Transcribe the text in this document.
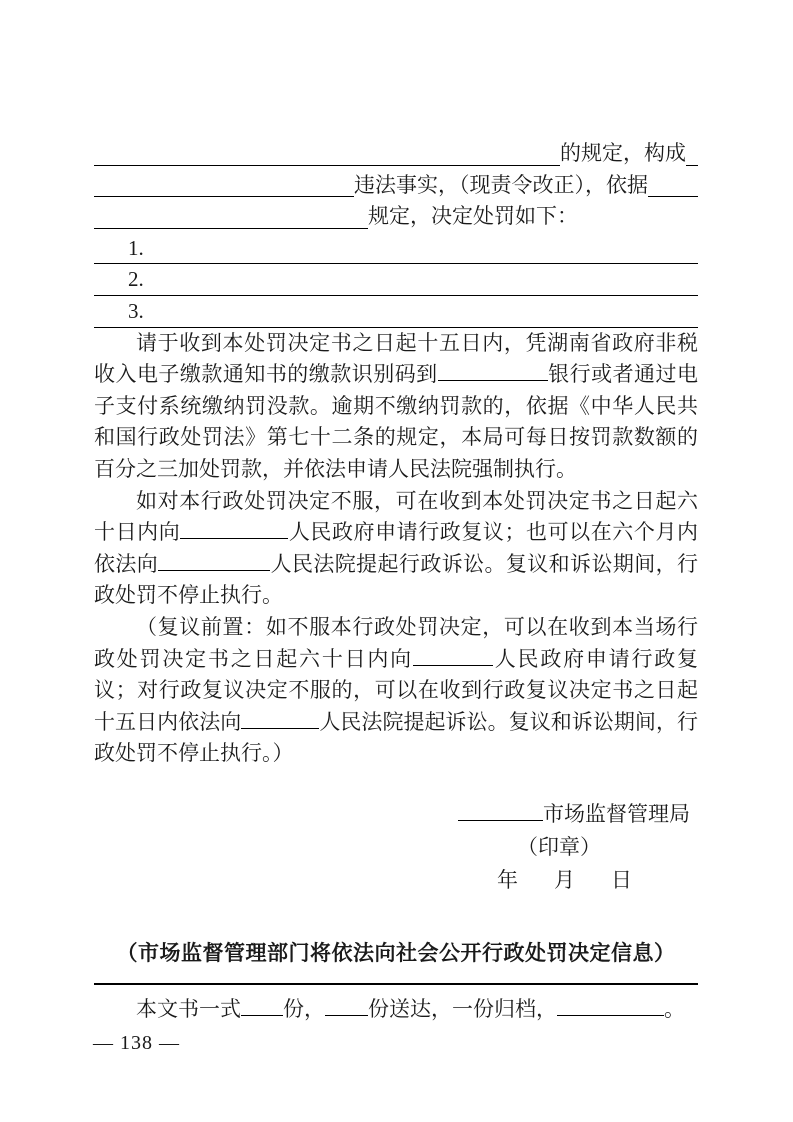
的规定，构成
违法事实，（现责令改正），依据
规定，决定处罚如下：
1.
2.
3.

请于收到本处罚决定书之日起十五日内，凭湖南省政府非税收入电子缴款通知书的缴款识别码到	银行或者通过电子支付系统缴纳罚没款。逾期不缴纳罚款的，依据《中华人民共和国行政处罚法》第七十二条的规定，本局可每日按罚款数额的百分之三加处罚款，并依法申请人民法院强制执行。

如对本行政处罚决定不服，可在收到本处罚决定书之日起六十日内向	人民政府申请行政复议；也可以在六个月内依法向	人民法院提起行政诉讼。复议和诉讼期间，行政处罚不停止执行。

（复议前置：如不服本行政处罚决定，可以在收到本当场行政处罚决定书之日起六十日内向	人民政府申请行政复议；对行政复议决定不服的，可以在收到行政复议决定书之日起十五日内依法向	人民法院提起诉讼。复议和诉讼期间，行政处罚不停止执行。）

市场监督管理局
（印章）
年 月 日
（市场监督管理部门将依法向社会公开行政处罚决定信息）
本文书一式 份， 份送达，一份归档，	。
— 138 —
